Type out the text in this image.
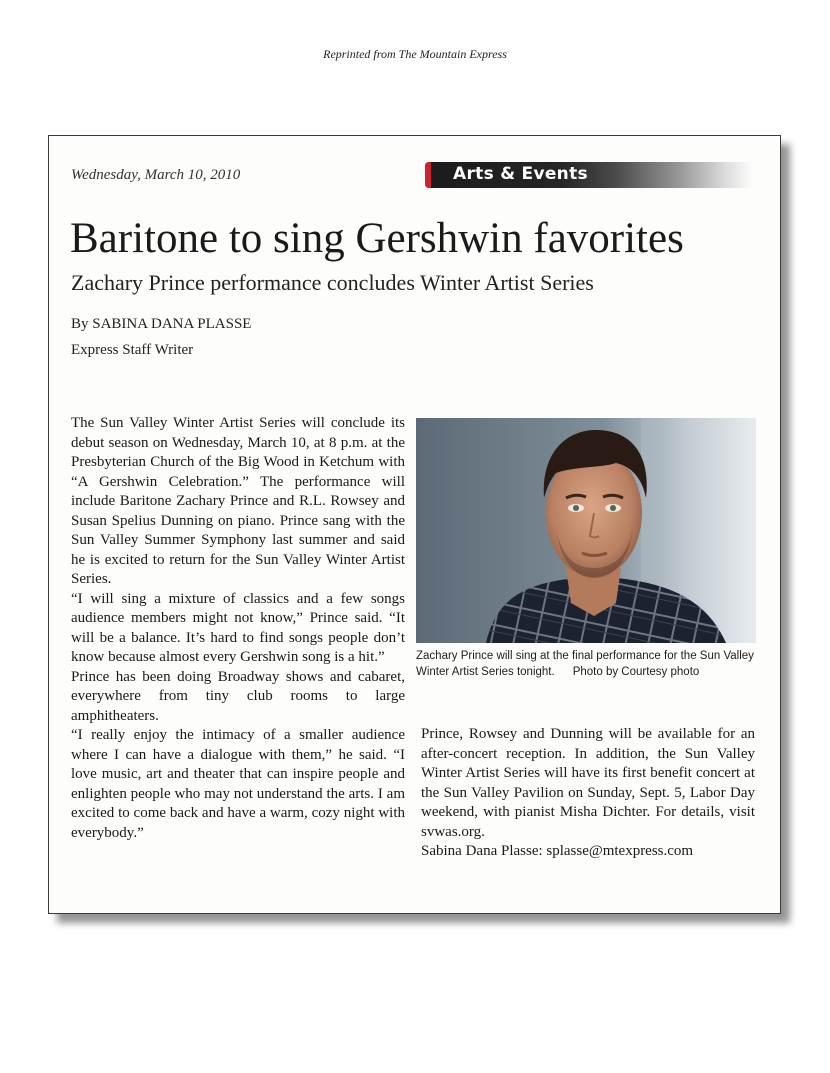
Reprinted from The Mountain Express
Wednesday, March 10, 2010	Arts & Events
Baritone to sing Gershwin favorites
Zachary Prince performance concludes Winter Artist Series
By SABINA DANA PLASSE
Express Staff Writer

The Sun Valley Winter Artist Series will conclude its debut season on Wednesday, March 10, at 8 p.m. at the Presbyterian Church of the Big Wood in Ketchum with “A Gershwin Celebration.” The performance will include Baritone Zachary Prince and R.L. Rowsey and Susan Spelius Dunning on piano. Prince sang with the Sun Valley Summer Symphony last summer and said he is excited to return for the Sun Valley Winter Artist Series.

“I will sing a mixture of classics and a few songs audience members might not know,” Prince said. “It will be a balance. It’s hard to find songs people don’t know because almost every Gershwin song is a hit.”

Prince has been doing Broadway shows and cabaret, everywhere from tiny club rooms to large amphitheaters.

“I really enjoy the intimacy of a smaller audience where I can have a dialogue with them,” he said. “I love music, art and theater that can inspire people and enlighten people who may not understand the arts. I am excited to come back and have a warm, cozy night with everybody.”

Zachary Prince will sing at the final performance for the Sun Valley Winter Artist Series tonight. Photo by Courtesy photo

Prince, Rowsey and Dunning will be available for an after-concert reception. In addition, the Sun Valley Winter Artist Series will have its first benefit concert at the Sun Valley Pavilion on Sunday, Sept. 5, Labor Day weekend, with pianist Misha Dichter. For details, visit svwas.org.

Sabina Dana Plasse: splasse@mtexpress.com
